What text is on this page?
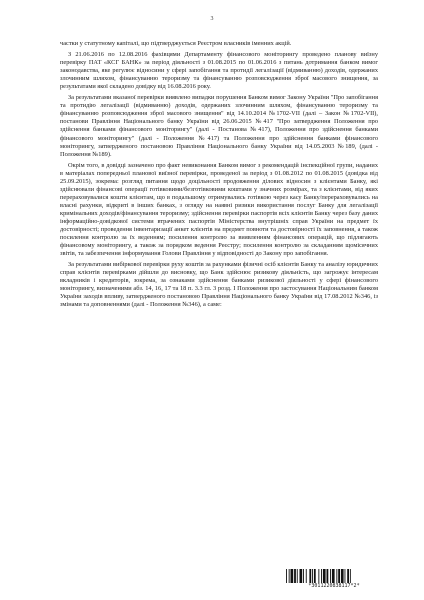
3

частки у статутному капіталі, що підтверджується Реєстром власників іменних акцій.

З 21.06.2016 по 12.08.2016 фахівцями Департаменту фінансового моніторингу проведено планову виїзну перевірку ПАТ «КСГ БАНК» за період діяльності з 01.08.2015 по 01.06.2016 з питань дотримання банком вимог законодавства, яке регулює відносини у сфері запобігання та протидії легалізації (відмиванню) доходів, одержаних злочинним шляхом, фінансуванню тероризму та фінансуванню розповсюдження зброї масового знищення, за результатами якої складено довідку від 16.08.2016 року.

За результатами вказаної перевірки виявлено випадки порушення Банком вимог Закону України "Про запобігання та протидію легалізації (відмиванню) доходів, одержаних злочинним шляхом, фінансуванню тероризму та фінансуванню розповсюдження зброї масового знищення" від 14.10.2014 №1702-VII (далі – Закон №1702-VII), постанови Правління Національного банку України від 26.06.2015 №417 "Про затвердження Положення про здійснення банками фінансового моніторингу" (далі - Постанова №417), Положення про здійснення банками фінансового моніторингу" (далі - Положення №417) та Положення про здійснення банками фінансового моніторингу, затвердженого постановою Правління Національного банку України від 14.05.2003 №189, (далі - Положення №189).

Окрім того, в довідці зазначено про факт невиконання Банком вимог з рекомендацій інспекційної групи, наданих в матеріалах попередньої планової виїзної перевірки, проведеної за період з 01.08.2012 по 01.08.2015 (довідка від 25.09.2015), зокрема: розгляд питання щодо доцільності продовження ділових відносин з клієнтами Банку, які здійснювали фінансові операції готівковими/безготівковими коштами у значних розмірах, та з клієнтами, від яких перераховувалися кошти клієнтам, що в подальшому отримувались готівкою через касу Банку/перераховувались на власні рахунки, відкриті в інших банках, з огляду на наявні ризики використання послуг Банку для легалізації кримінальних доходів/фінансування тероризму; здійснення перевірки паспортів всіх клієнтів Банку через базу даних інформаційно-довідкової системи втрачених паспортів Міністерства внутрішніх справ України на предмет їх достовірності; проведення інвентаризації анкет клієнтів на предмет повноти та достовірності їх заповнення, а також посилення контролю за їх веденням; посилення контролю за виявленням фінансових операцій, що підлягають фінансовому моніторингу, а також за порядком ведення Реєстру; посилення контролю за складанням щомісячних звітів, та забезпечення інформування Голови Правління у відповідності до Закону про запобігання.

За результатами вибіркової перевірки руху коштів за рахунками фізичні осіб клієнтів Банку та аналізу юридичних справ клієнтів перевірками дійшли до висновку, що Банк здійснює ризикову діяльність, що загрожує інтересам вкладників і кредиторів, зокрема, за ознаками здійснення банками ризикової діяльності у сфері фінансового моніторингу, визначеними абз. 14, 16, 17 та 18 п. 3.3 гл. 3 розд. І Положення про застосування Національним банком України заходів впливу, затвердженого постановою Правління Національного банку України від 17.08.2012 №346, із змінами та доповненнями (далі - Положення №346), а саме:

*3011220838117*2*
